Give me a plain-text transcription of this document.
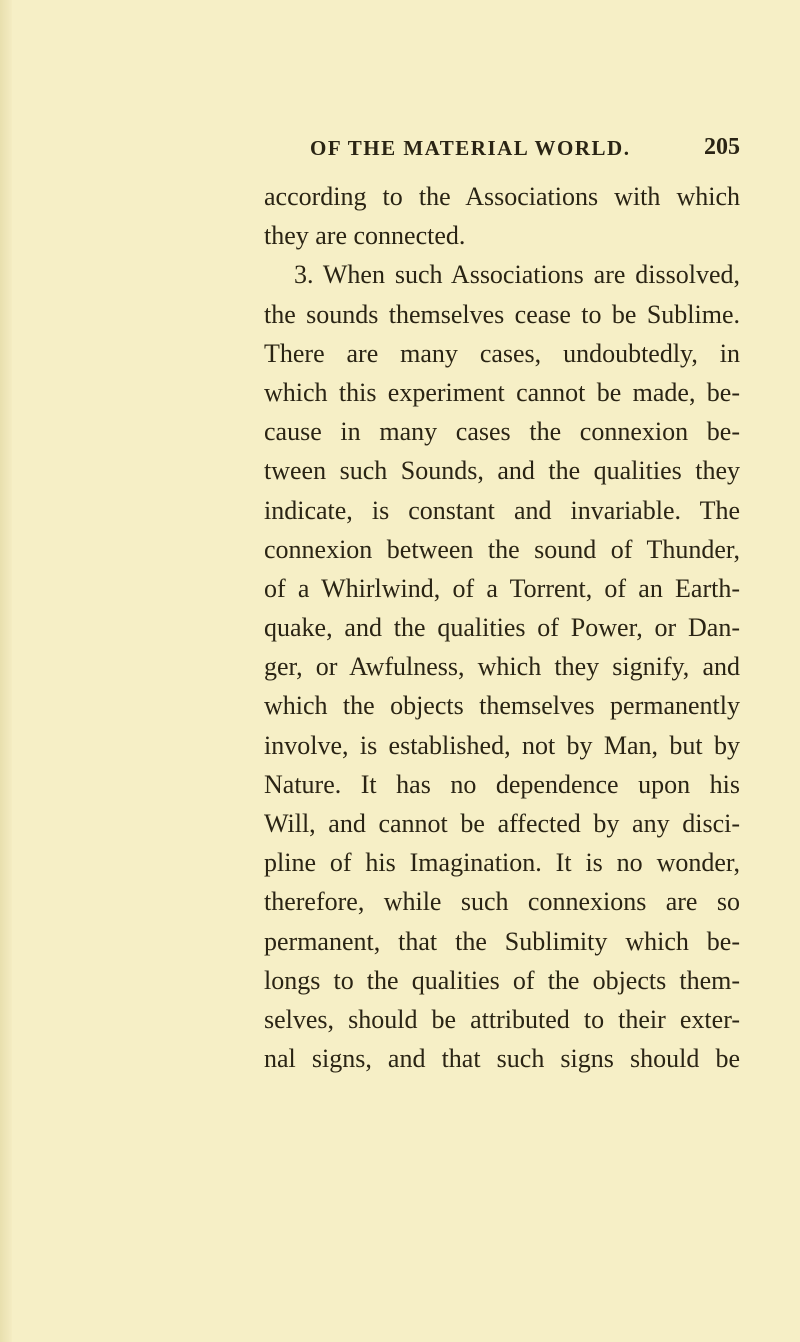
OF THE MATERIAL WORLD.	205
according to the Associations with which
they are connected.
3. When such Associations are dissolved,
the sounds themselves cease to be Sublime.
There are many cases, undoubtedly, in
which this experiment cannot be made, be-
cause in many cases the connexion be-
tween such Sounds, and the qualities they
indicate, is constant and invariable. The
connexion between the sound of Thunder,
of a Whirlwind, of a Torrent, of an Earth-
quake, and the qualities of Power, or Dan-
ger, or Awfulness, which they signify, and
which the objects themselves permanently
involve, is established, not by Man, but by
Nature. It has no dependence upon his
Will, and cannot be affected by any disci-
pline of his Imagination. It is no wonder,
therefore, while such connexions are so
permanent, that the Sublimity which be-
longs to the qualities of the objects them-
selves, should be attributed to their exter-
nal signs, and that such signs should be
